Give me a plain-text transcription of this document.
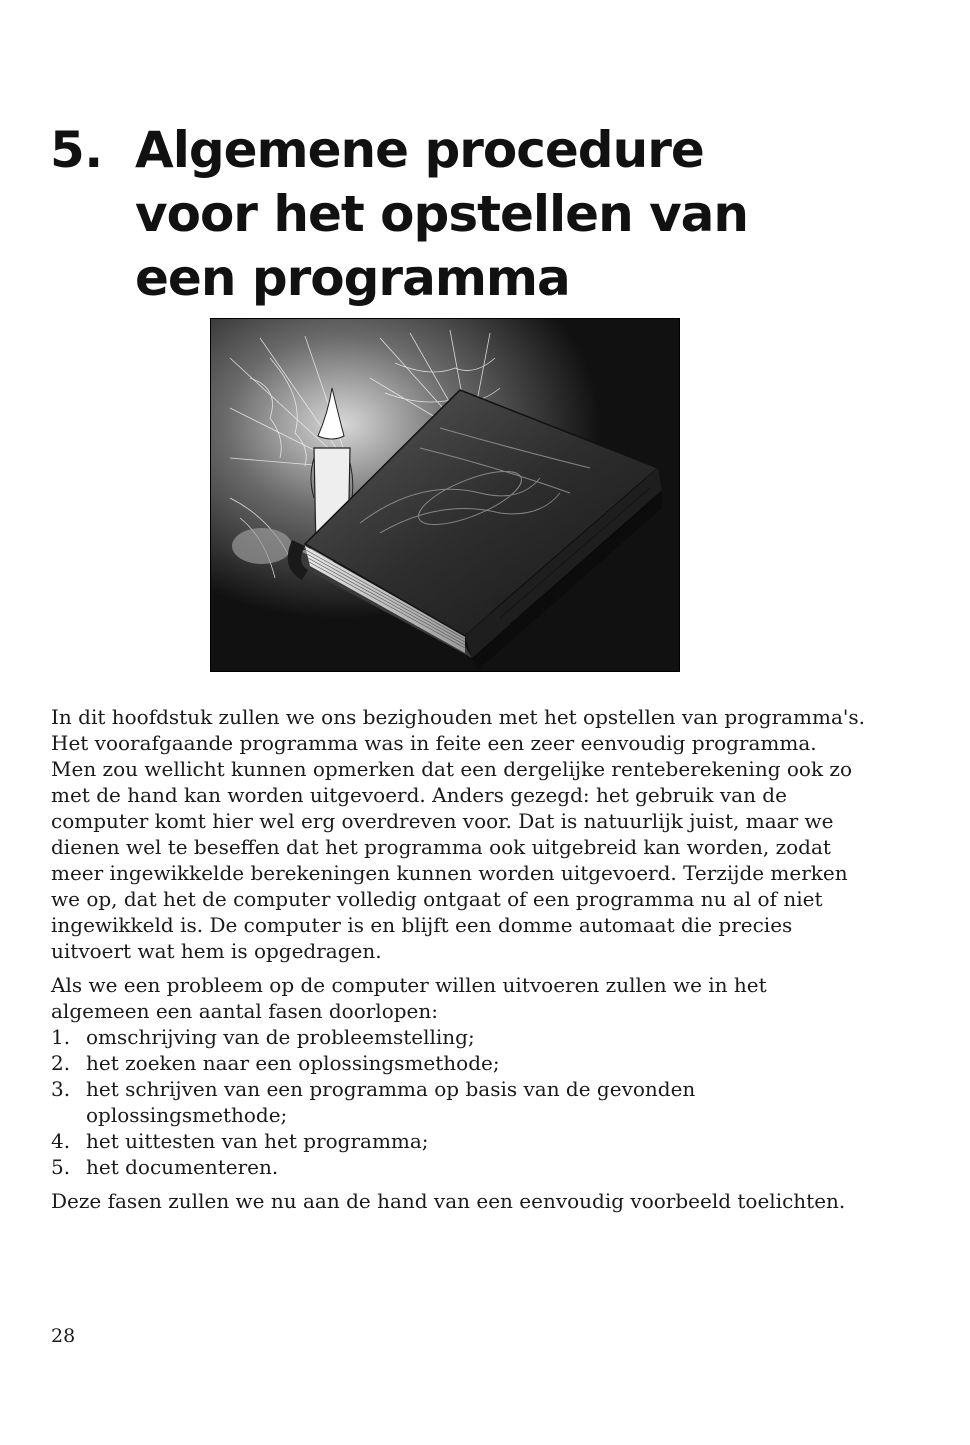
5. Algemene procedure
voor het opstellen van
een programma

In dit hoofdstuk zullen we ons bezighouden met het opstellen van programma's.

Het voorafgaande programma was in feite een zeer eenvoudig programma. Men zou wellicht kunnen opmerken dat een dergelijke renteberekening ook zo met de hand kan worden uitgevoerd. Anders gezegd: het gebruik van de computer komt hier wel erg overdreven voor. Dat is natuurlijk juist, maar we dienen wel te beseffen dat het programma ook uitgebreid kan worden, zodat meer ingewikkelde berekeningen kunnen worden uitgevoerd. Terzijde merken we op, dat het de computer volledig ontgaat of een programma nu al of niet ingewikkeld is. De computer is en blijft een domme automaat die precies uitvoert wat hem is opgedragen.

Als we een probleem op de computer willen uitvoeren zullen we in het algemeen een aantal fasen doorlopen:

1. omschrijving van de probleemstelling;
2. het zoeken naar een oplossingsmethode;
3. het schrijven van een programma op basis van de gevonden oplossingsmethode;
4. het uittesten van het programma;
5. het documenteren.

Deze fasen zullen we nu aan de hand van een eenvoudig voorbeeld toelichten.

28
